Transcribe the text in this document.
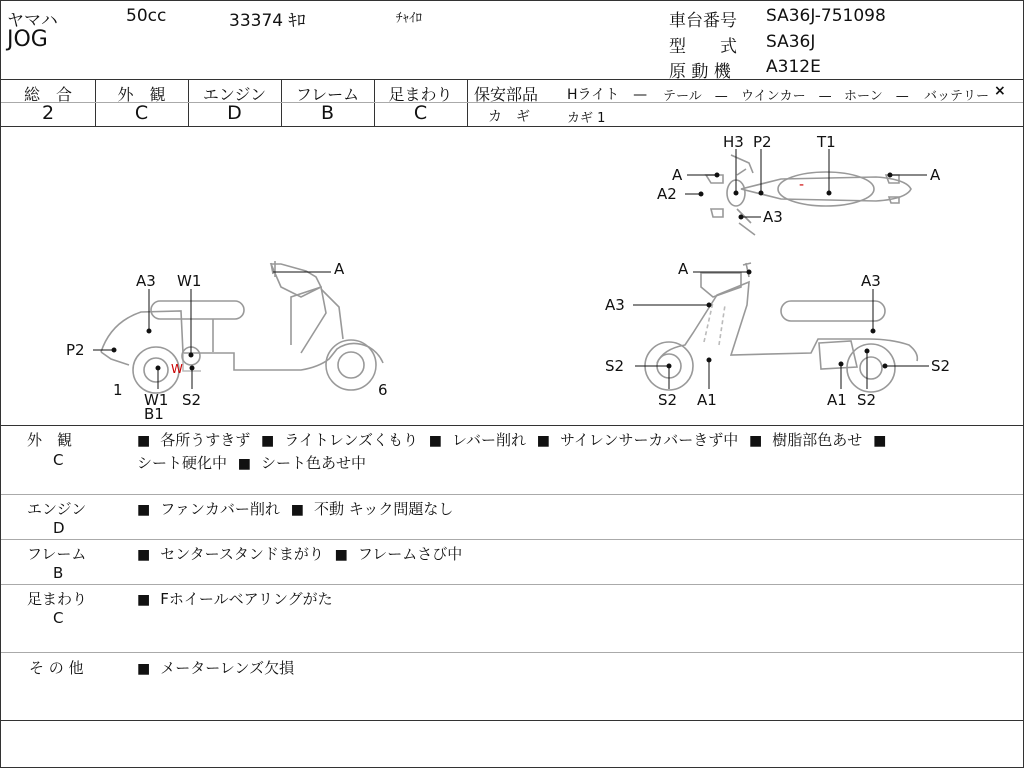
ヤマハ
JOG
50cc	33374 ｷﾛ	ﾁｬｲﾛ	車台番号 SA36J-751098
型　　式 SA36J
原 動 機 A312E
総　合
2
外　観
C
エンジン
D
フレーム
B
足まわり
C
保安部品 Hライト　— テール　— ウインカー　— ホーン　— バッテリー ×
カ　ギ	カギ 1
A3 W1
A
P2
1	6
W1
B1
S2
W
A
A3
A3
S2	S2
S2 A1	A1 S2
H3 P2	T1
A	A
A2
A3
-
外　観
C
■ 各所うすきず ■ ライトレンズくもり ■ レバー削れ ■ サイレンサーカバーきず中 ■ 樹脂部色あせ ■
シート硬化中 ■ シート色あせ中
エンジン
D
■ ファンカバー削れ ■ 不動 キック問題なし
フレーム
B
■ センタースタンドまがり ■ フレームさび中
足まわり
C
■ Fホイールベアリングがた
そ の 他	■ メーターレンズ欠損
